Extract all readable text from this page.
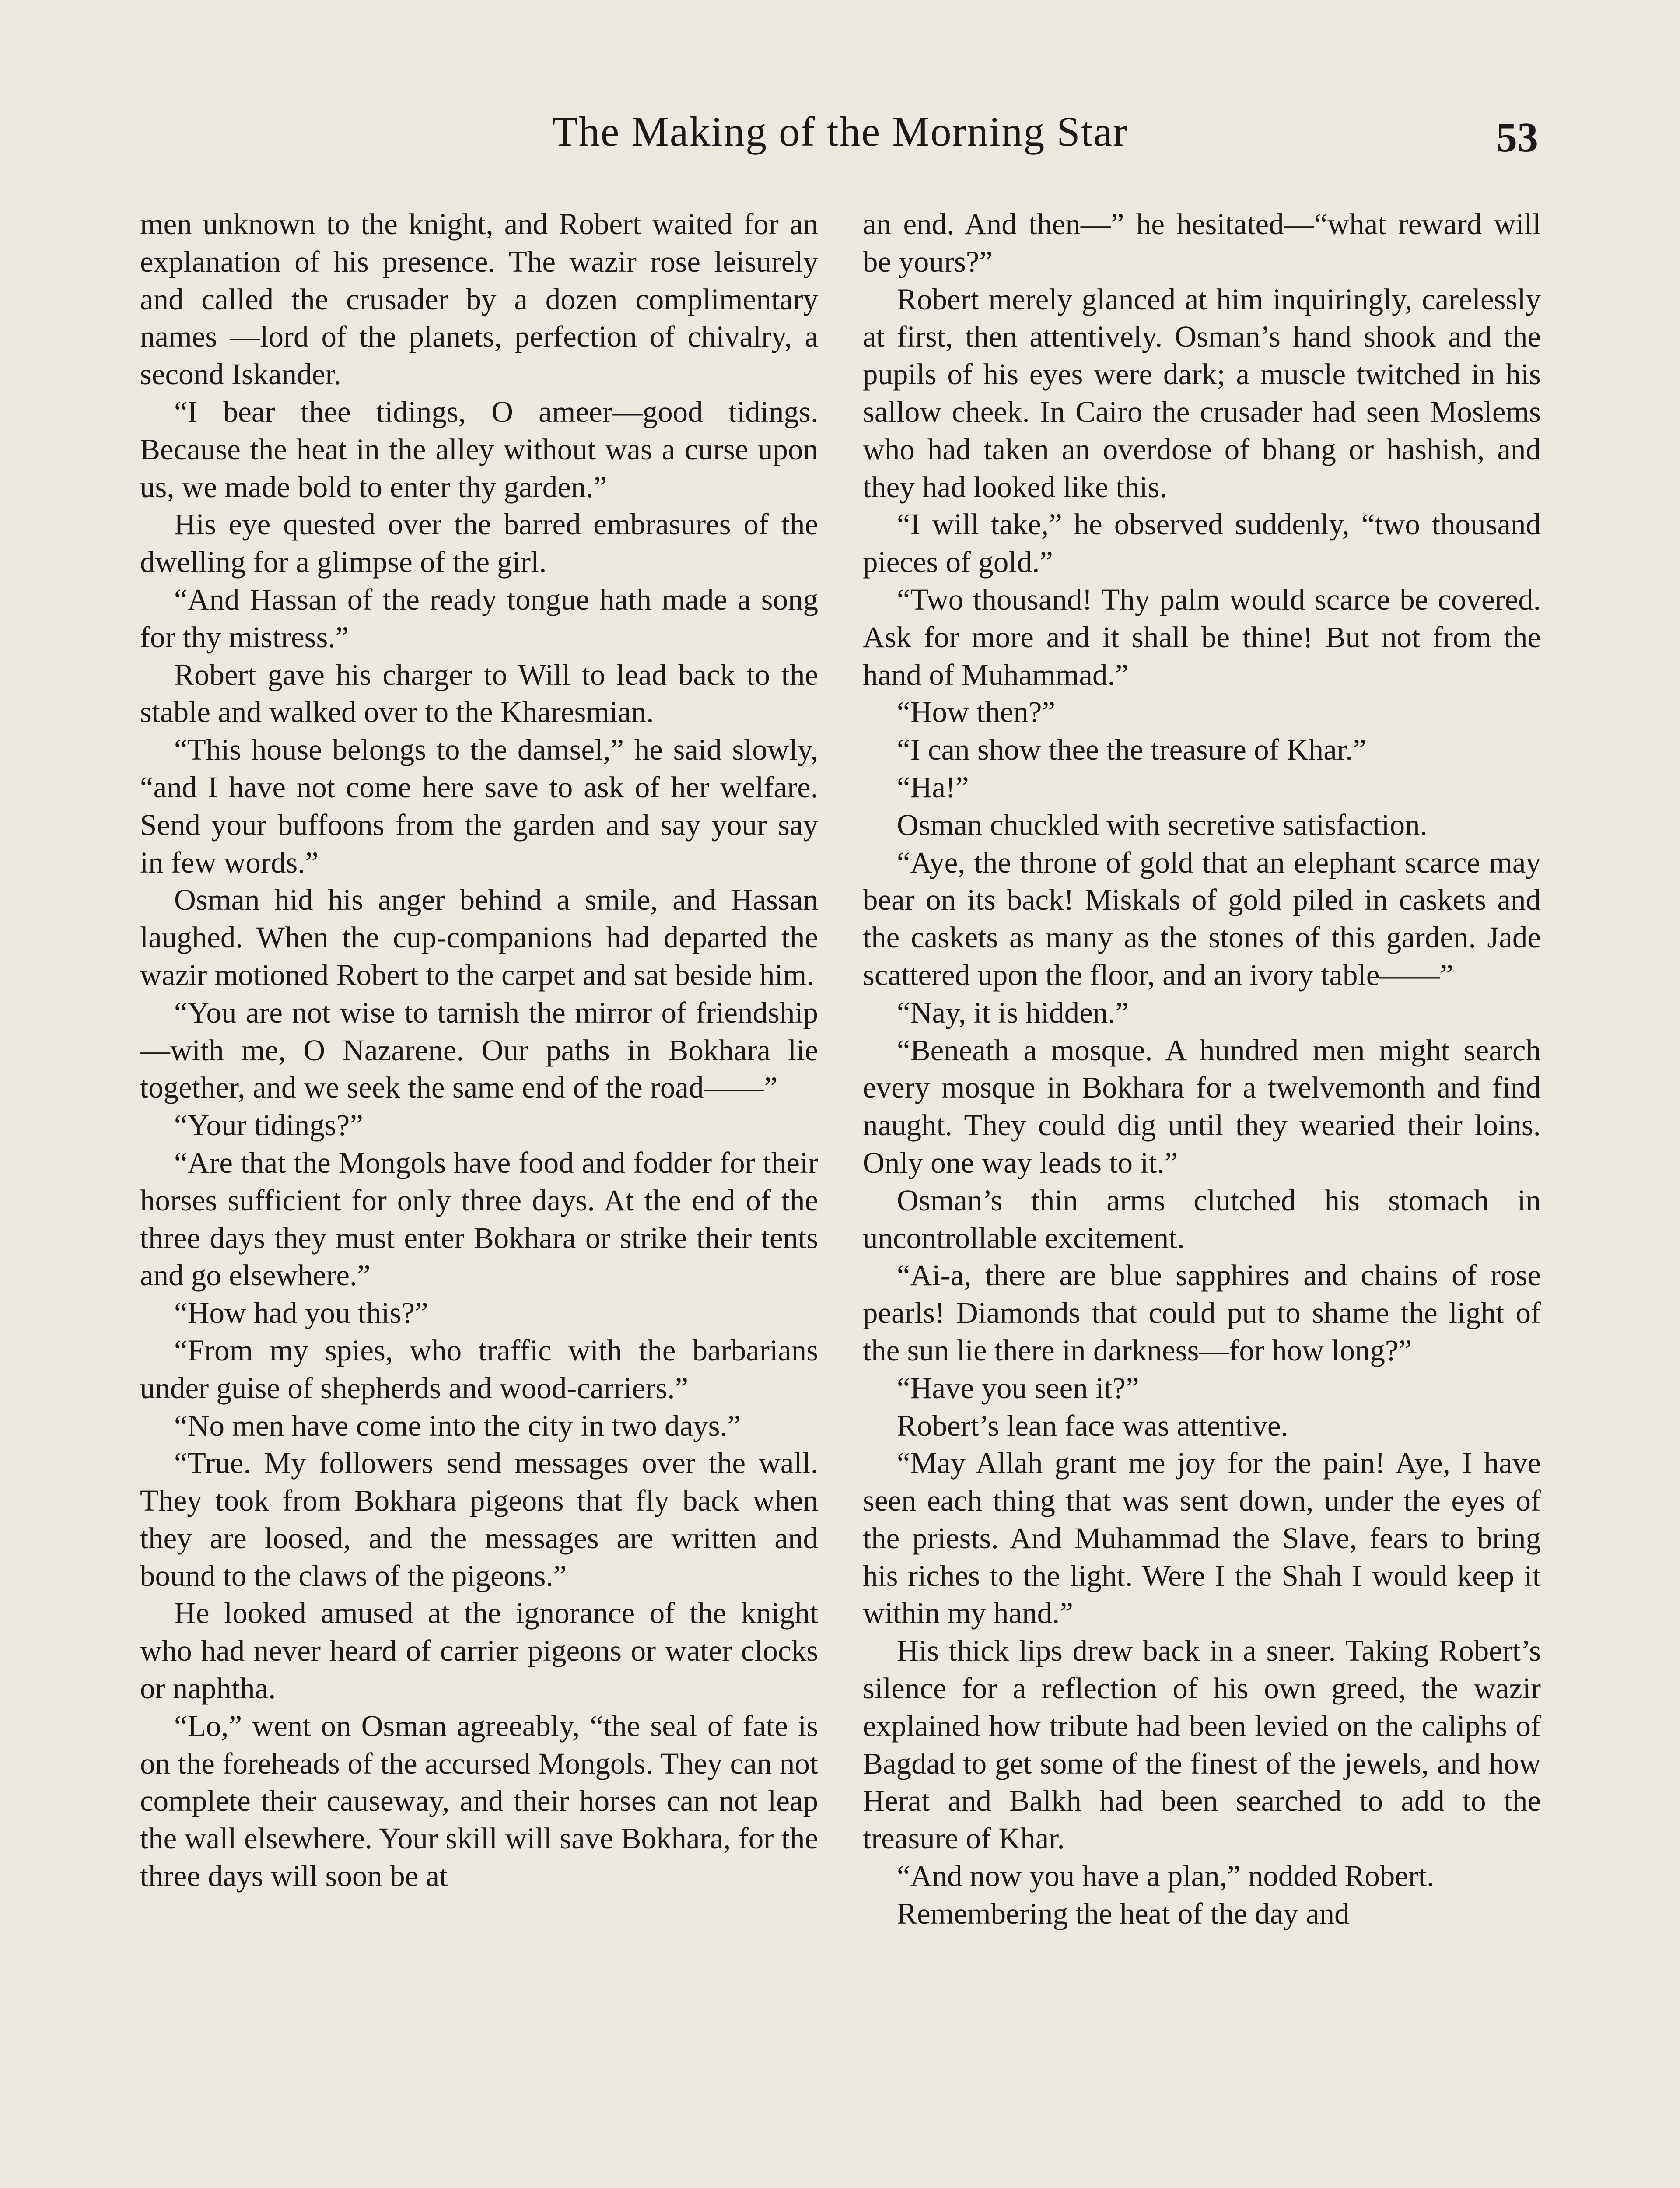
The Making of the Morning Star	53

men unknown to the knight, and Robert waited for an explanation of his presence. The wazir rose leisurely and called the crusader by a dozen complimentary names —lord of the planets, perfection of chivalry, a second Iskander.

“I bear thee tidings, O ameer—good tidings. Because the heat in the alley without was a curse upon us, we made bold to enter thy garden.”

His eye quested over the barred embrasures of the dwelling for a glimpse of the girl.

“And Hassan of the ready tongue hath made a song for thy mistress.”

Robert gave his charger to Will to lead back to the stable and walked over to the Kharesmian.

“This house belongs to the damsel,” he said slowly, “and I have not come here save to ask of her welfare. Send your buffoons from the garden and say your say in few words.”

Osman hid his anger behind a smile, and Hassan laughed. When the cup-companions had departed the wazir motioned Robert to the carpet and sat beside him.

“You are not wise to tarnish the mirror of friendship—with me, O Nazarene. Our paths in Bokhara lie together, and we seek the same end of the road——”

“Your tidings?”

“Are that the Mongols have food and fodder for their horses sufficient for only three days. At the end of the three days they must enter Bokhara or strike their tents and go elsewhere.”

“How had you this?”

“From my spies, who traffic with the barbarians under guise of shepherds and wood-carriers.”

“No men have come into the city in two days.”

“True. My followers send messages over the wall. They took from Bokhara pigeons that fly back when they are loosed, and the messages are written and bound to the claws of the pigeons.”

He looked amused at the ignorance of the knight who had never heard of carrier pigeons or water clocks or naphtha.

“Lo,” went on Osman agreeably, “the seal of fate is on the foreheads of the accursed Mongols. They can not complete their causeway, and their horses can not leap the wall elsewhere. Your skill will save Bokhara, for the three days will soon be at

an end. And then—” he hesitated—“what reward will be yours?”

Robert merely glanced at him inquiringly, carelessly at first, then attentively. Osman’s hand shook and the pupils of his eyes were dark; a muscle twitched in his sallow cheek. In Cairo the crusader had seen Moslems who had taken an overdose of bhang or hashish, and they had looked like this.

“I will take,” he observed suddenly, “two thousand pieces of gold.”

“Two thousand! Thy palm would scarce be covered. Ask for more and it shall be thine! But not from the hand of Muhammad.”

“How then?”

“I can show thee the treasure of Khar.”

“Ha!”

Osman chuckled with secretive satisfaction.

“Aye, the throne of gold that an elephant scarce may bear on its back! Miskals of gold piled in caskets and the caskets as many as the stones of this garden. Jade scattered upon the floor, and an ivory table——”

“Nay, it is hidden.”

“Beneath a mosque. A hundred men might search every mosque in Bokhara for a twelvemonth and find naught. They could dig until they wearied their loins. Only one way leads to it.”

Osman’s thin arms clutched his stomach in uncontrollable excitement.

“Ai-a, there are blue sapphires and chains of rose pearls! Diamonds that could put to shame the light of the sun lie there in darkness—for how long?”

“Have you seen it?”

Robert’s lean face was attentive.

“May Allah grant me joy for the pain! Aye, I have seen each thing that was sent down, under the eyes of the priests. And Muhammad the Slave, fears to bring his riches to the light. Were I the Shah I would keep it within my hand.”

His thick lips drew back in a sneer. Taking Robert’s silence for a reflection of his own greed, the wazir explained how tribute had been levied on the caliphs of Bagdad to get some of the finest of the jewels, and how Herat and Balkh had been searched to add to the treasure of Khar.

“And now you have a plan,” nodded Robert.

Remembering the heat of the day and
